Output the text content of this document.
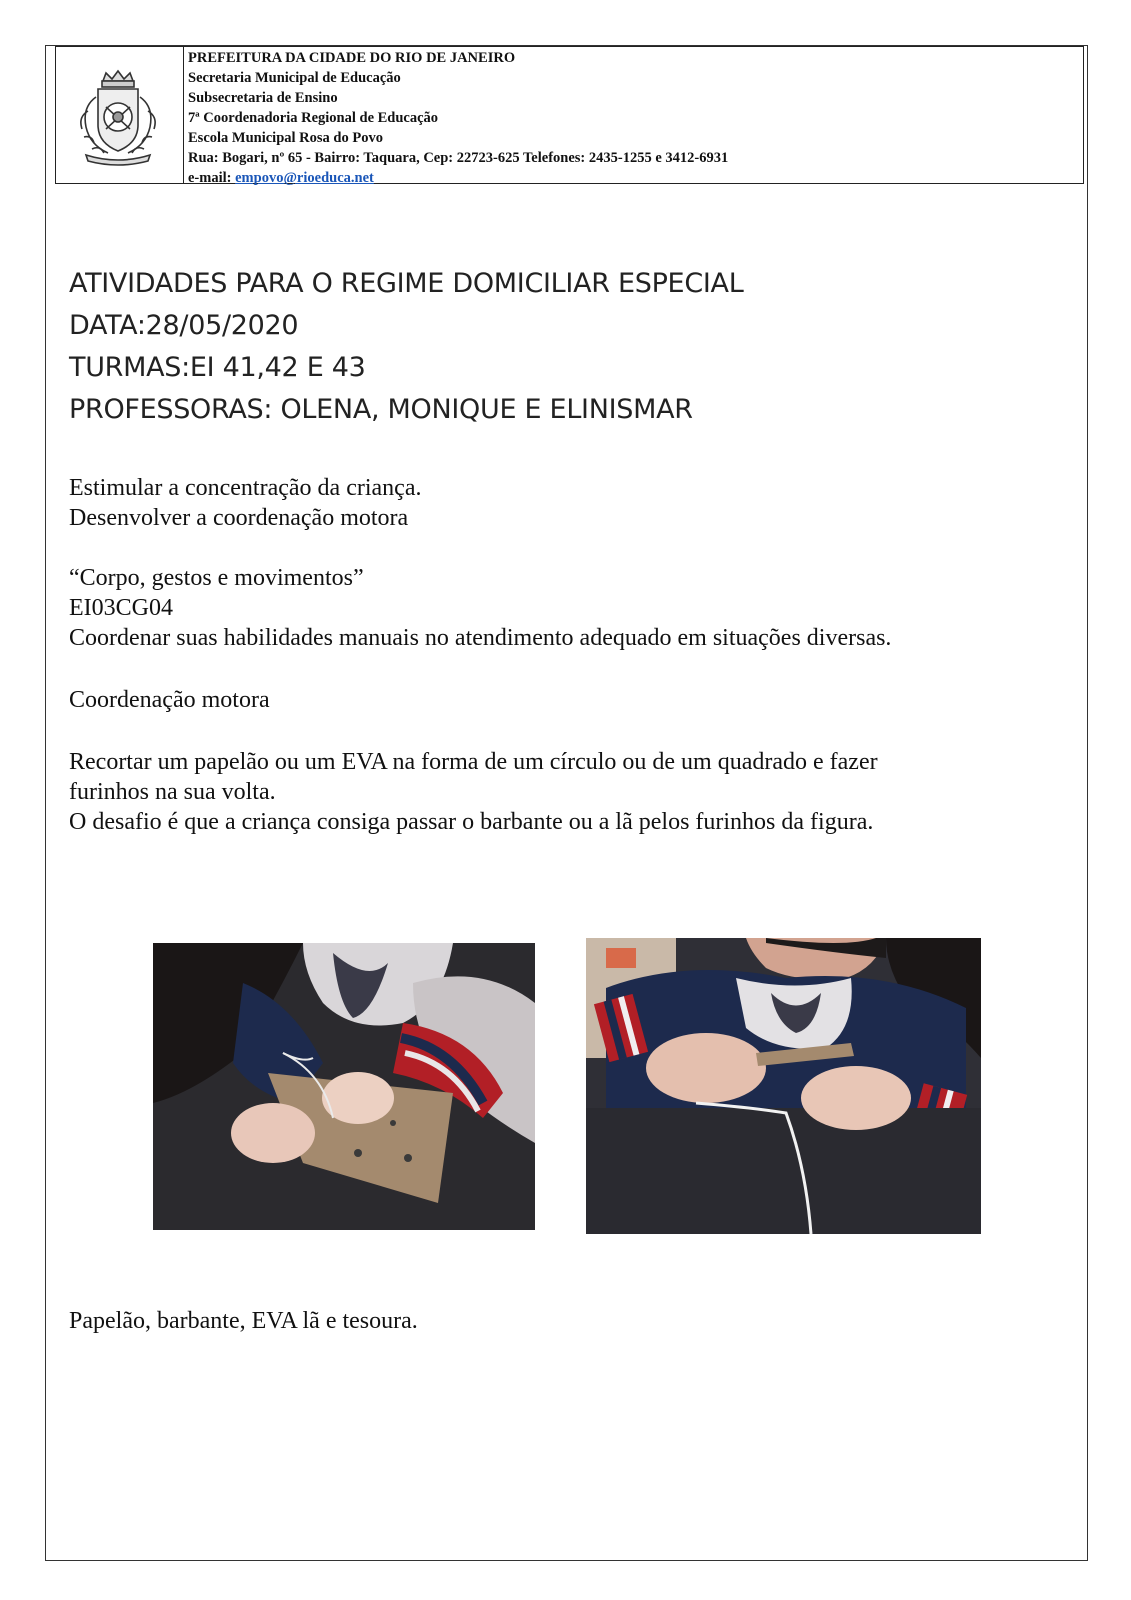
PREFEITURA DA CIDADE DO RIO DE JANEIRO
Secretaria Municipal de Educação
Subsecretaria de Ensino
7ª Coordenadoria Regional de Educação
Escola Municipal Rosa do Povo
Rua: Bogari, nº 65 - Bairro: Taquara, Cep: 22723-625 Telefones: 2435-1255 e 3412-6931
e-mail: empovo@rioeduca.net
ATIVIDADES PARA O REGIME DOMICILIAR ESPECIAL
DATA:28/05/2020
TURMAS:EI 41,42 E 43
PROFESSORAS: OLENA, MONIQUE E ELINISMAR
Estimular a concentração da criança.
Desenvolver a coordenação motora
“Corpo, gestos e movimentos”
EI03CG04
Coordenar suas habilidades manuais no atendimento adequado em situações diversas.
Coordenação motora
Recortar um papelão ou um EVA na forma de um círculo ou de um quadrado e fazer
furinhos na sua volta.
O desafio é que a criança consiga passar o barbante ou a lã pelos furinhos da figura.
Papelão, barbante, EVA lã e tesoura.
